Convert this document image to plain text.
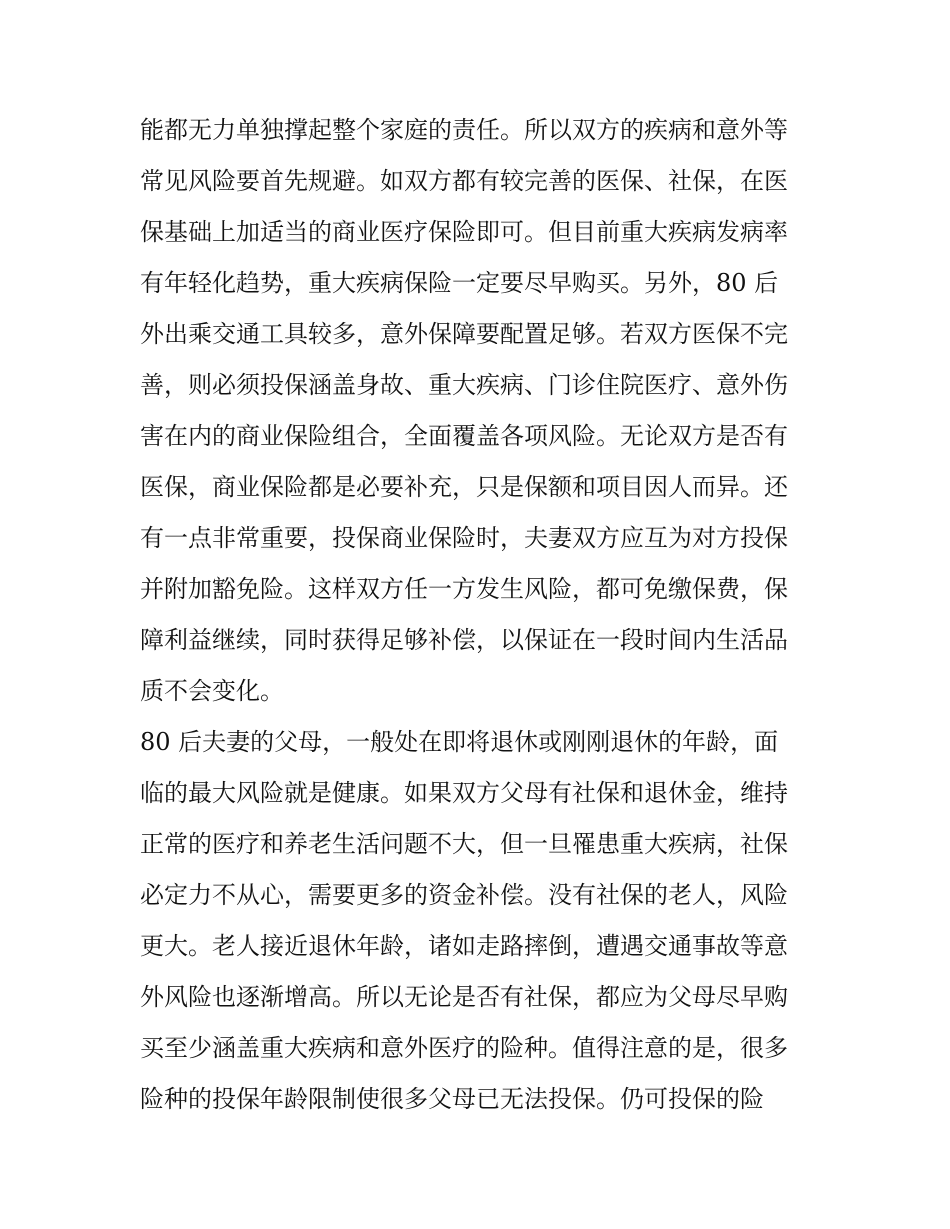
能都无力单独撑起整个家庭的责任。所以双方的疾病和意外等
常见风险要首先规避。如双方都有较完善的医保、社保，在医
保基础上加适当的商业医疗保险即可。但目前重大疾病发病率
有年轻化趋势，重大疾病保险一定要尽早购买。另外，80 后
外出乘交通工具较多，意外保障要配置足够。若双方医保不完
善，则必须投保涵盖身故、重大疾病、门诊住院医疗、意外伤
害在内的商业保险组合，全面覆盖各项风险。无论双方是否有
医保，商业保险都是必要补充，只是保额和项目因人而异。还
有一点非常重要，投保商业保险时，夫妻双方应互为对方投保
并附加豁免险。这样双方任一方发生风险，都可免缴保费，保
障利益继续，同时获得足够补偿，以保证在一段时间内生活品
质不会变化。
80 后夫妻的父母，一般处在即将退休或刚刚退休的年龄，面
临的最大风险就是健康。如果双方父母有社保和退休金，维持
正常的医疗和养老生活问题不大，但一旦罹患重大疾病，社保
必定力不从心，需要更多的资金补偿。没有社保的老人，风险
更大。老人接近退休年龄，诸如走路摔倒，遭遇交通事故等意
外风险也逐渐增高。所以无论是否有社保，都应为父母尽早购
买至少涵盖重大疾病和意外医疗的险种。值得注意的是，很多
险种的投保年龄限制使很多父母已无法投保。仍可投保的险
